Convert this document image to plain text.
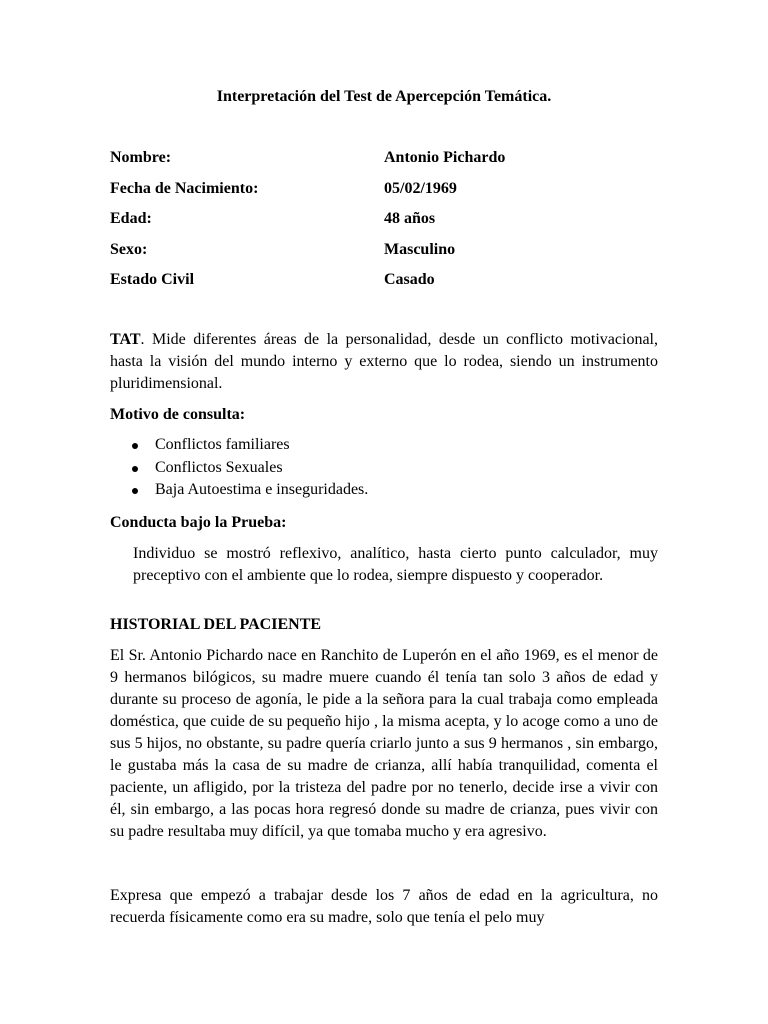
Interpretación del Test de Apercepción Temática.
Nombre:	Antonio Pichardo
Fecha de Nacimiento:	05/02/1969
Edad:	48 años
Sexo:	Masculino
Estado Civil	Casado

TAT. Mide diferentes áreas de la personalidad, desde un conflicto motivacional, hasta la visión del mundo interno y externo que lo rodea, siendo un instrumento pluridimensional.

Motivo de consulta:
Conflictos familiares
Conflictos Sexuales
Baja Autoestima e inseguridades.
Conducta bajo la Prueba:

Individuo se mostró reflexivo, analítico, hasta cierto punto calculador, muy preceptivo con el ambiente que lo rodea, siempre dispuesto y cooperador.

HISTORIAL DEL PACIENTE

El Sr. Antonio Pichardo nace en Ranchito de Luperón en el año 1969, es el menor de 9 hermanos bilógicos, su madre muere cuando él tenía tan solo 3 años de edad y durante su proceso de agonía, le pide a la señora para la cual trabaja como empleada doméstica, que cuide de su pequeño hijo , la misma acepta, y lo acoge como a uno de sus 5 hijos, no obstante, su padre quería criarlo junto a sus 9 hermanos , sin embargo, le gustaba más la casa de su madre de crianza, allí había tranquilidad, comenta el paciente, un afligido, por la tristeza del padre por no tenerlo, decide irse a vivir con él, sin embargo, a las pocas hora regresó donde su madre de crianza, pues vivir con su padre resultaba muy difícil, ya que tomaba mucho y era agresivo.

Expresa que empezó a trabajar desde los 7 años de edad en la agricultura, no recuerda físicamente como era su madre, solo que tenía el pelo muy
